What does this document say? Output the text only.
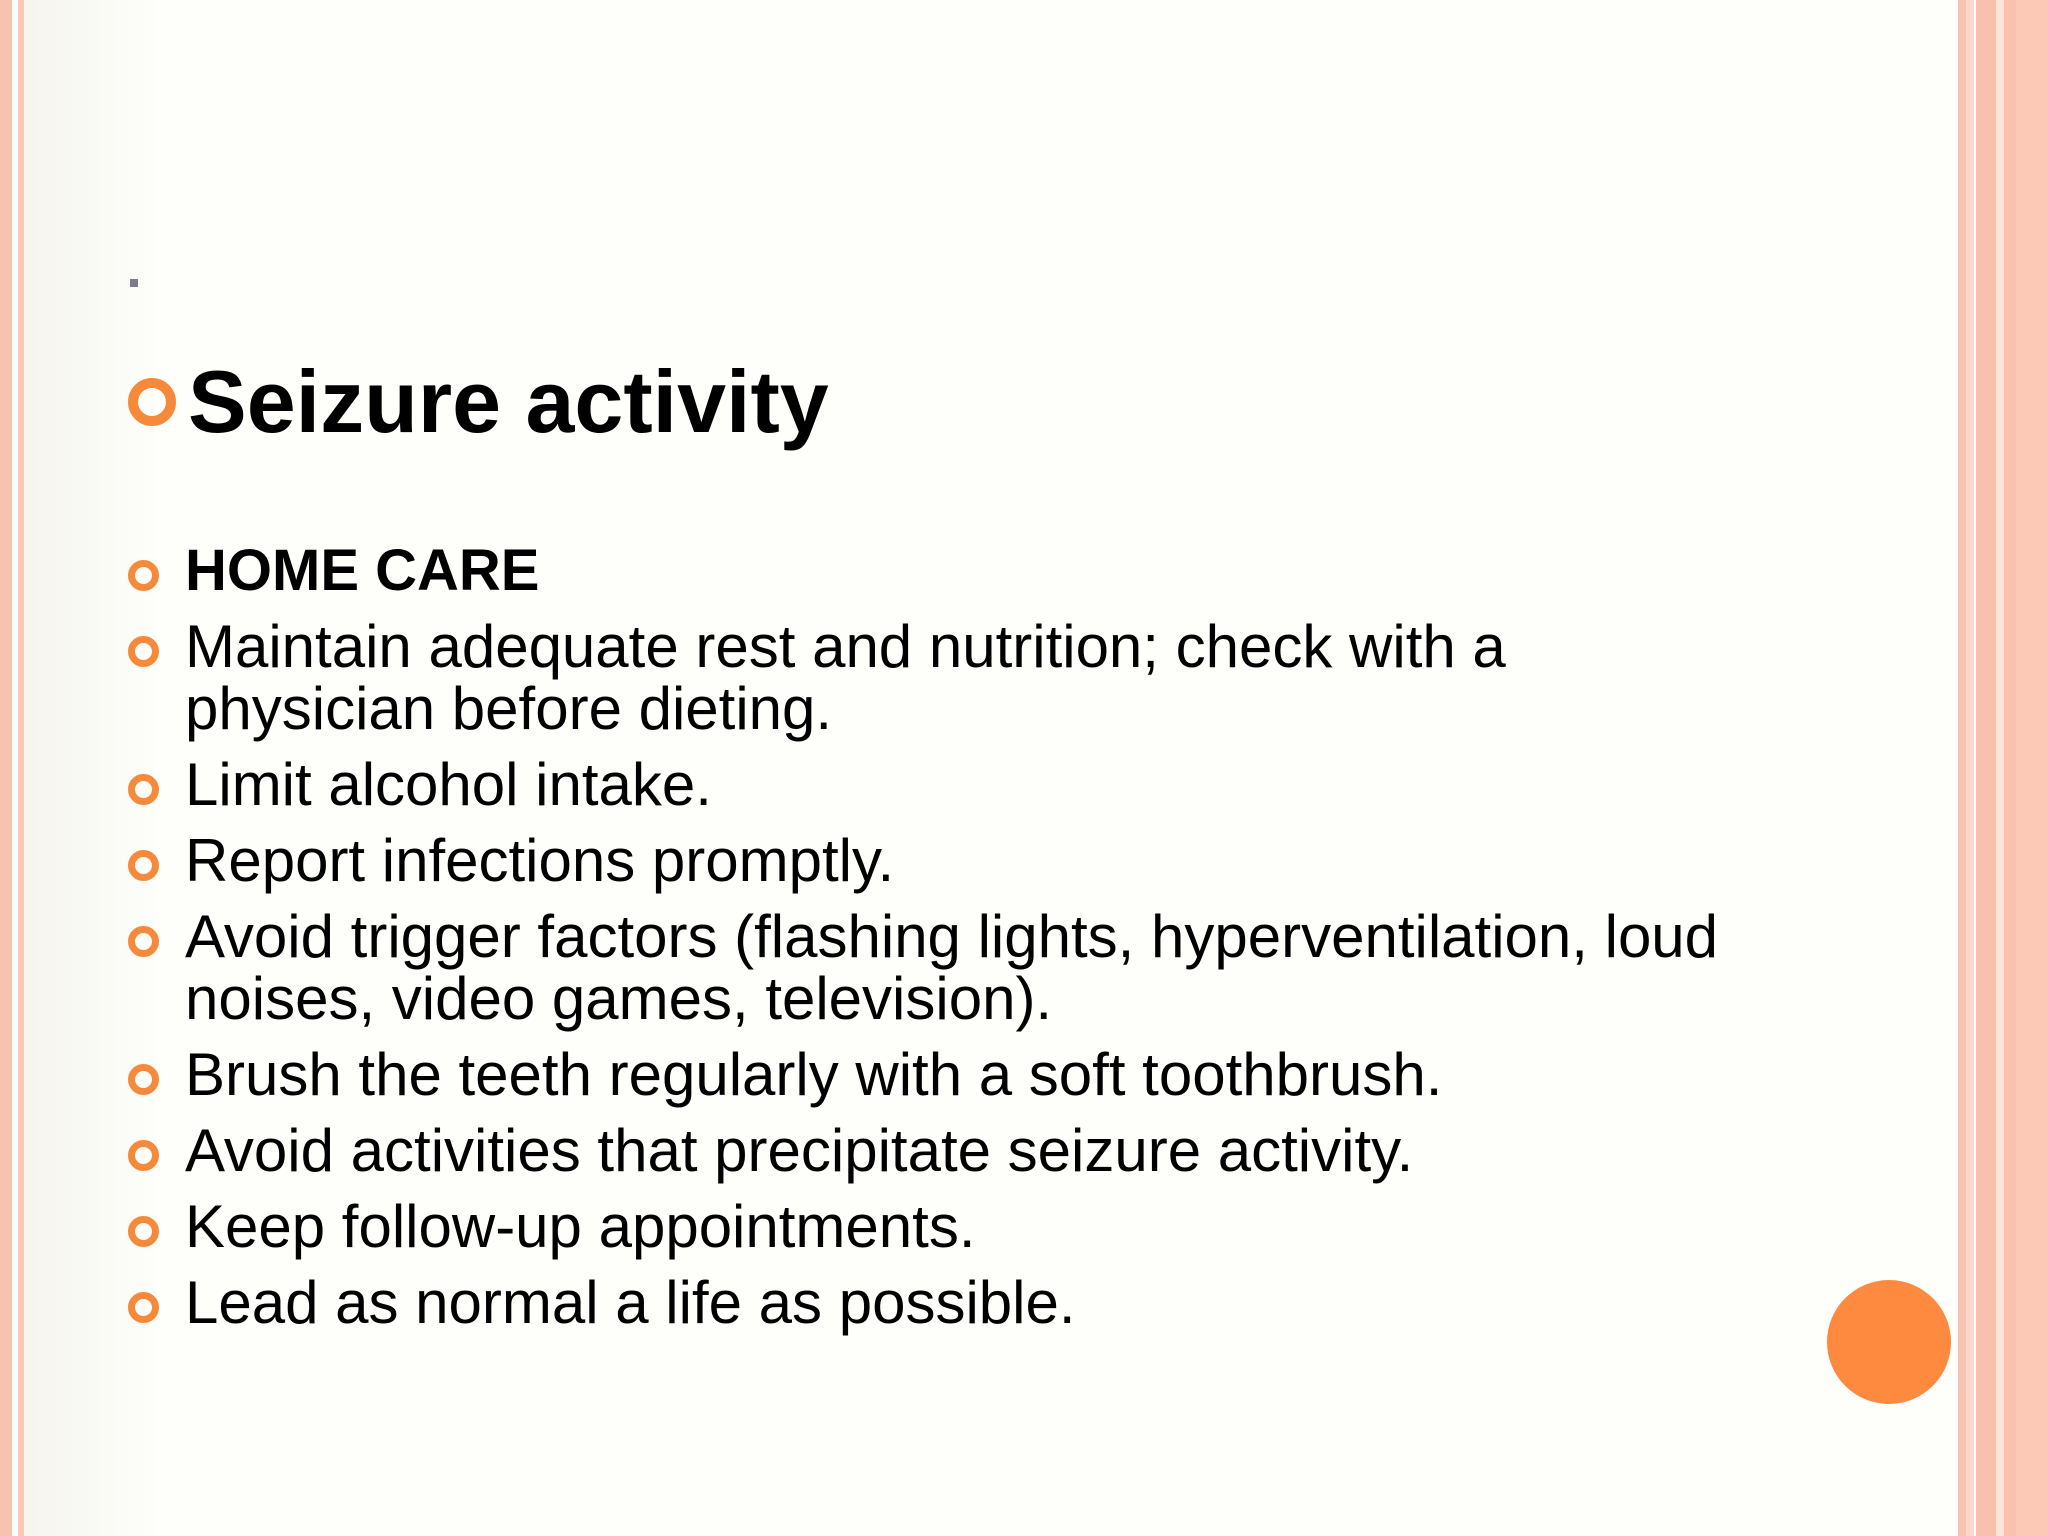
Seizure activity
HOME CARE
Maintain adequate rest and nutrition; check with a physician before dieting.
Limit alcohol intake.
Report infections promptly.
Avoid trigger factors (flashing lights, hyperventilation, loud noises, video games, television).
Brush the teeth regularly with a soft toothbrush.
Avoid activities that precipitate seizure activity.
Keep follow-up appointments.
Lead as normal a life as possible.
